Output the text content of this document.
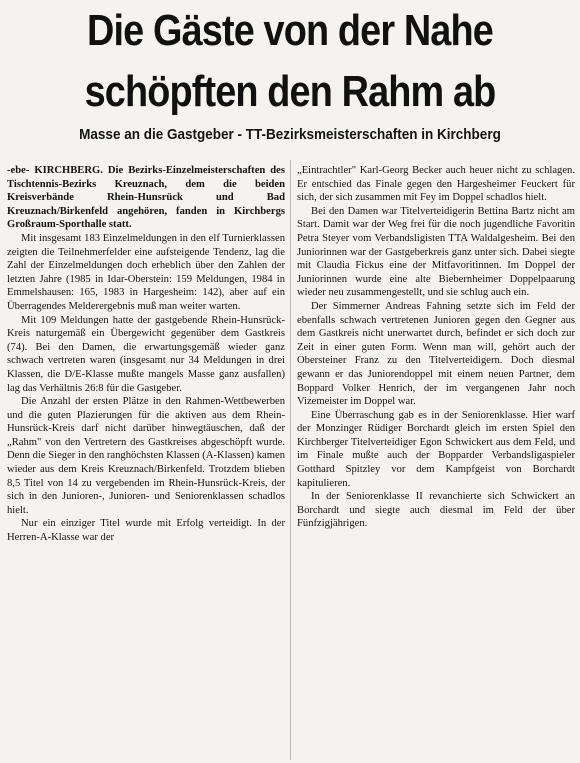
Die Gäste von der Nahe
schöpften den Rahm ab
Masse an die Gastgeber - TT-Bezirksmeisterschaften in Kirchberg

-ebe- KIRCHBERG. Die Bezirks-Einzelmeisterschaften des Tischtennis-Bezirks Kreuznach, dem die beiden Kreisverbände Rhein-Hunsrück und Bad Kreuznach/Birkenfeld angehören, fanden in Kirchbergs Großraum-Sporthalle statt.

Mit insgesamt 183 Einzelmeldungen in den elf Turnierklassen zeigten die Teilnehmerfelder eine aufsteigende Tendenz, lag die Zahl der Einzelmeldungen doch erheblich über den Zahlen der letzten Jahre (1985 in Idar-Oberstein: 159 Meldungen, 1984 in Emmelshausen: 165, 1983 in Hargesheim: 142), aber auf ein Überragendes Melderergebnis muß man weiter warten.

Mit 109 Meldungen hatte der gastgebende Rhein-Hunsrück-Kreis naturgemäß ein Übergewicht gegenüber dem Gastkreis (74). Bei den Damen, die erwartungsgemäß wieder ganz schwach vertreten waren (insgesamt nur 34 Meldungen in drei Klassen, die D/E-Klasse mußte mangels Masse ganz ausfallen) lag das Verhältnis 26:8 für die Gastgeber.

Die Anzahl der ersten Plätze in den Rahmen-Wettbewerben und die guten Plazierungen für die aktiven aus dem Rhein-Hunsrück-Kreis darf nicht darüber hinwegtäuschen, daß der „Rahm" von den Vertretern des Gastkreises abgeschöpft wurde. Denn die Sieger in den ranghöchsten Klassen (A-Klassen) kamen wieder aus dem Kreis Kreuznach/Birkenfeld. Trotzdem blieben 8,5 Titel von 14 zu vergebenden im Rhein-Hunsrück-Kreis, der sich in den Junioren-, Junioren- und Seniorenklassen schadlos hielt.

Nur ein einziger Titel wurde mit Erfolg verteidigt. In der Herren-A-Klasse war der

„Eintrachtler" Karl-Georg Becker auch heuer nicht zu schlagen. Er entschied das Finale gegen den Hargesheimer Feuckert für sich, der sich zusammen mit Fey im Doppel schadlos hielt.

Bei den Damen war Titelverteidigerin Bettina Bartz nicht am Start. Damit war der Weg frei für die noch jugendliche Favoritin Petra Steyer vom Verbandsligisten TTA Waldalgesheim. Bei den Juniorinnen war der Gastgeberkreis ganz unter sich. Dabei siegte mit Claudia Fickus eine der Mitfavoritinnen. Im Doppel der Juniorinnen wurde eine alte Biebernheimer Doppelpaarung wieder neu zusammengestellt, und sie schlug auch ein.

Der Simmerner Andreas Fahning setzte sich im Feld der ebenfalls schwach vertretenen Junioren gegen den Gegner aus dem Gastkreis nicht unerwartet durch, befindet er sich doch zur Zeit in einer guten Form. Wenn man will, gehört auch der Obersteiner Franz zu den Titelverteidigern. Doch diesmal gewann er das Juniorendoppel mit einem neuen Partner, dem Boppard Volker Henrich, der im vergangenen Jahr noch Vizemeister im Doppel war.

Eine Überraschung gab es in der Seniorenklasse. Hier warf der Monzinger Rüdiger Borchardt gleich im ersten Spiel den Kirchberger Titelverteidiger Egon Schwickert aus dem Feld, und im Finale mußte auch der Bopparder Verbandsligaspieler Gotthard Spitzley vor dem Kampfgeist von Borchardt kapitulieren.

In der Seniorenklasse II revanchierte sich Schwickert an Borchardt und siegte auch diesmal im Feld der über Fünfzigjährigen.
